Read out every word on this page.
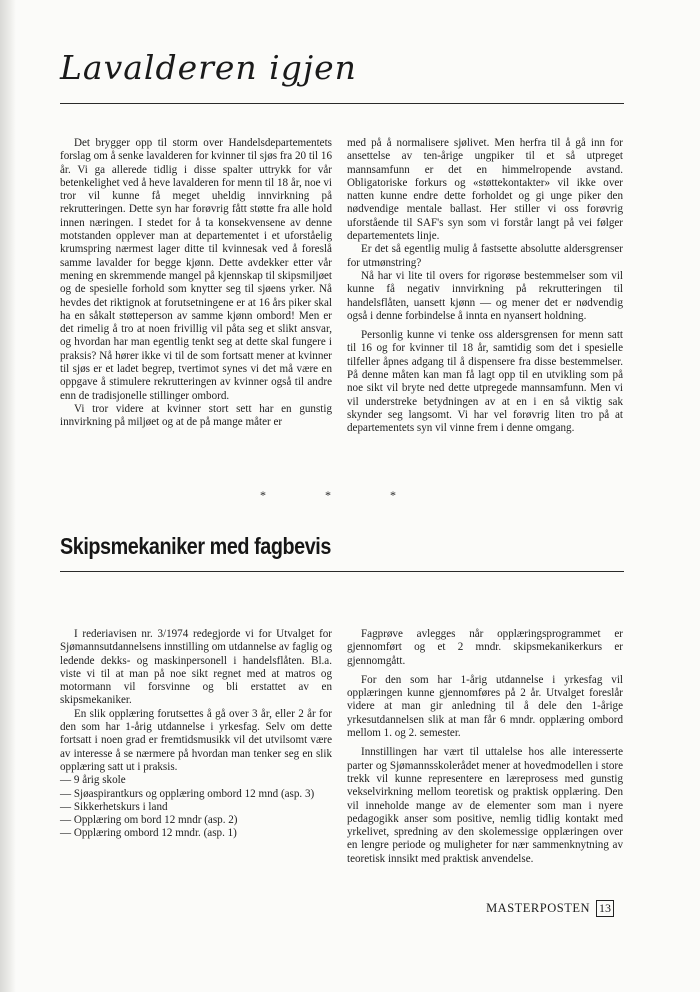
Lavalderen igjen

Det brygger opp til storm over Handelsdepartementets forslag om å senke lavalderen for kvinner til sjøs fra 20 til 16 år. Vi ga allerede tidlig i disse spalter uttrykk for vår betenkelighet ved å heve lavalderen for menn til 18 år, noe vi tror vil kunne få meget uheldig innvirkning på rekrutteringen. Dette syn har forøvrig fått støtte fra alle hold innen næringen. I stedet for å ta konsekvensene av denne motstanden opplever man at departementet i et uforståelig krumspring nærmest lager ditte til kvinnesak ved å foreslå samme lavalder for begge kjønn. Dette avdekker etter vår mening en skremmende mangel på kjennskap til skipsmiljøet og de spesielle forhold som knytter seg til sjøens yrker. Nå hevdes det riktignok at forutsetningene er at 16 års piker skal ha en såkalt støtteperson av samme kjønn ombord! Men er det rimelig å tro at noen frivillig vil påta seg et slikt ansvar, og hvordan har man egentlig tenkt seg at dette skal fungere i praksis? Nå hører ikke vi til de som fortsatt mener at kvinner til sjøs er et ladet begrep, tvertimot synes vi det må være en oppgave å stimulere rekrutteringen av kvinner også til andre enn de tradisjonelle stillinger ombord.

Vi tror videre at kvinner stort sett har en gunstig innvirkning på miljøet og at de på mange måter er

med på å normalisere sjølivet. Men herfra til å gå inn for ansettelse av ten-årige ungpiker til et så utpreget mannsamfunn er det en himmelropende avstand. Obligatoriske forkurs og «støttekontakter» vil ikke over natten kunne endre dette forholdet og gi unge piker den nødvendige mentale ballast. Her stiller vi oss forøvrig uforstående til SAF's syn som vi forstår langt på vei følger departementets linje.

Er det så egentlig mulig å fastsette absolutte aldersgrenser for utmønstring?

Nå har vi lite til overs for rigorøse bestemmelser som vil kunne få negativ innvirkning på rekrutteringen til handelsflåten, uansett kjønn — og mener det er nødvendig også i denne forbindelse å innta en nyansert holdning.

Personlig kunne vi tenke oss aldersgrensen for menn satt til 16 og for kvinner til 18 år, samtidig som det i spesielle tilfeller åpnes adgang til å dispensere fra disse bestemmelser. På denne måten kan man få lagt opp til en utvikling som på noe sikt vil bryte ned dette utpregede mannsamfunn. Men vi vil understreke betydningen av at en i en så viktig sak skynder seg langsomt. Vi har vel forøvrig liten tro på at departementets syn vil vinne frem i denne omgang.

* * *
Skipsmekaniker med fagbevis

I rederiavisen nr. 3/1974 redegjorde vi for Utvalget for Sjømannsutdannelsens innstilling om utdannelse av faglig og ledende dekks- og maskinpersonell i handelsflåten. Bl.a. viste vi til at man på noe sikt regnet med at matros og motormann vil forsvinne og bli erstattet av en skipsmekaniker.

En slik opplæring forutsettes å gå over 3 år, eller 2 år for den som har 1-årig utdannelse i yrkesfag. Selv om dette fortsatt i noen grad er fremtidsmusikk vil det utvilsomt være av interesse å se nærmere på hvordan man tenker seg en slik opplæring satt ut i praksis.

— 9 årig skole
— Sjøaspirantkurs og opplæring ombord 12 mnd (asp. 3)
— Sikkerhetskurs i land
— Opplæring om bord 12 mndr (asp. 2)
— Opplæring ombord 12 mndr. (asp. 1)

Fagprøve avlegges når opplæringsprogrammet er gjennomført og et 2 mndr. skipsmekanikerkurs er gjennomgått.

For den som har 1-årig utdannelse i yrkesfag vil opplæringen kunne gjennomføres på 2 år. Utvalget foreslår videre at man gir anledning til å dele den 1-årige yrkesutdannelsen slik at man får 6 mndr. opplæring ombord mellom 1. og 2. semester.

Innstillingen har vært til uttalelse hos alle interesserte parter og Sjømannsskolerådet mener at hovedmodellen i store trekk vil kunne representere en læreprosess med gunstig vekselvirkning mellom teoretisk og praktisk opplæring. Den vil inneholde mange av de elementer som man i nyere pedagogikk anser som positive, nemlig tidlig kontakt med yrkelivet, spredning av den skolemessige opplæringen over en lengre periode og muligheter for nær sammenknytning av teoretisk innsikt med praktisk anvendelse.

MASTERPOSTEN 13
